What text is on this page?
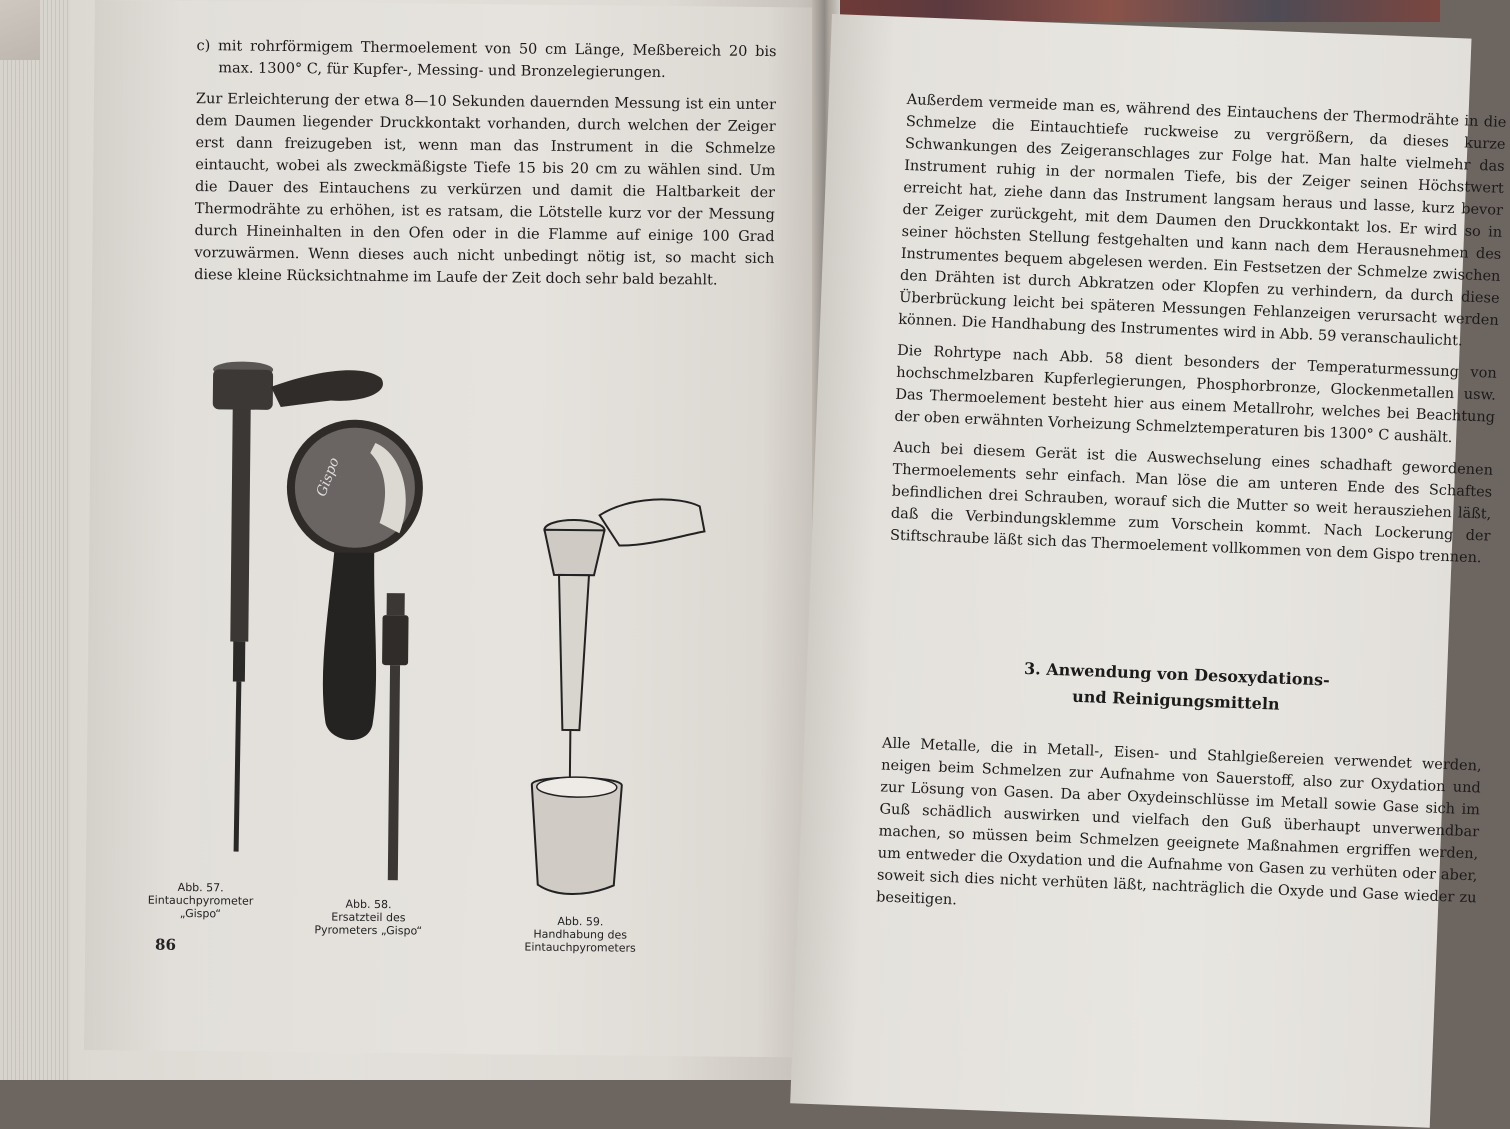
c) mit rohrförmigem Thermoelement von 50 cm Länge, Meßbereich 20 bis max. 1300° C, für Kupfer-, Messing- und Bronzelegierungen.

Zur Erleichterung der etwa 8—10 Sekunden dauernden Messung ist ein unter dem Daumen liegender Druckkontakt vorhanden, durch welchen der Zeiger erst dann freizugeben ist, wenn man das Instrument in die Schmelze eintaucht, wobei als zweckmäßigste Tiefe 15 bis 20 cm zu wählen sind. Um die Dauer des Eintauchens zu verkürzen und damit die Haltbarkeit der Thermodrähte zu erhöhen, ist es ratsam, die Lötstelle kurz vor der Messung durch Hineinhalten in den Ofen oder in die Flamme auf einige 100 Grad vorzuwärmen. Wenn dieses auch nicht unbedingt nötig ist, so macht sich diese kleine Rücksichtnahme im Laufe der Zeit doch sehr bald bezahlt.

Gispo
Abb. 57.
Eintauchpyrometer
„Gispo“
Abb. 58.
Ersatzteil des
Pyrometers „Gispo“
Abb. 59.
Handhabung des
Eintauchpyrometers
86

Außerdem vermeide man es, während des Eintauchens der Thermodrähte in die Schmelze die Eintauchtiefe ruckweise zu vergrößern, da dieses kurze Schwankungen des Zeigeranschlages zur Folge hat. Man halte vielmehr das Instrument ruhig in der normalen Tiefe, bis der Zeiger seinen Höchstwert erreicht hat, ziehe dann das Instrument langsam heraus und lasse, kurz bevor der Zeiger zurückgeht, mit dem Daumen den Druckkontakt los. Er wird so in seiner höchsten Stellung festgehalten und kann nach dem Herausnehmen des Instrumentes bequem abgelesen werden. Ein Festsetzen der Schmelze zwischen den Drähten ist durch Abkratzen oder Klopfen zu verhindern, da durch diese Überbrückung leicht bei späteren Messungen Fehlanzeigen verursacht werden können. Die Handhabung des Instrumentes wird in Abb. 59 veranschaulicht.

Die Rohrtype nach Abb. 58 dient besonders der Temperaturmessung von hochschmelzbaren Kupferlegierungen, Phosphorbronze, Glockenmetallen usw. Das Thermoelement besteht hier aus einem Metallrohr, welches bei Beachtung der oben erwähnten Vorheizung Schmelztemperaturen bis 1300° C aushält.

Auch bei diesem Gerät ist die Auswechselung eines schadhaft gewordenen Thermoelements sehr einfach. Man löse die am unteren Ende des Schaftes befindlichen drei Schrauben, worauf sich die Mutter so weit herausziehen läßt, daß die Verbindungsklemme zum Vorschein kommt. Nach Lockerung der Stiftschraube läßt sich das Thermoelement vollkommen von dem Gispo trennen.

3. Anwendung von Desoxydations-
und Reinigungsmitteln

Alle Metalle, die in Metall-, Eisen- und Stahlgießereien verwendet werden, neigen beim Schmelzen zur Aufnahme von Sauerstoff, also zur Oxydation und zur Lösung von Gasen. Da aber Oxydeinschlüsse im Metall sowie Gase sich im Guß schädlich auswirken und vielfach den Guß überhaupt unverwendbar machen, so müssen beim Schmelzen geeignete Maßnahmen ergriffen werden, um entweder die Oxydation und die Aufnahme von Gasen zu verhüten oder aber, soweit sich dies nicht verhüten läßt, nachträglich die Oxyde und Gase wieder zu beseitigen.
